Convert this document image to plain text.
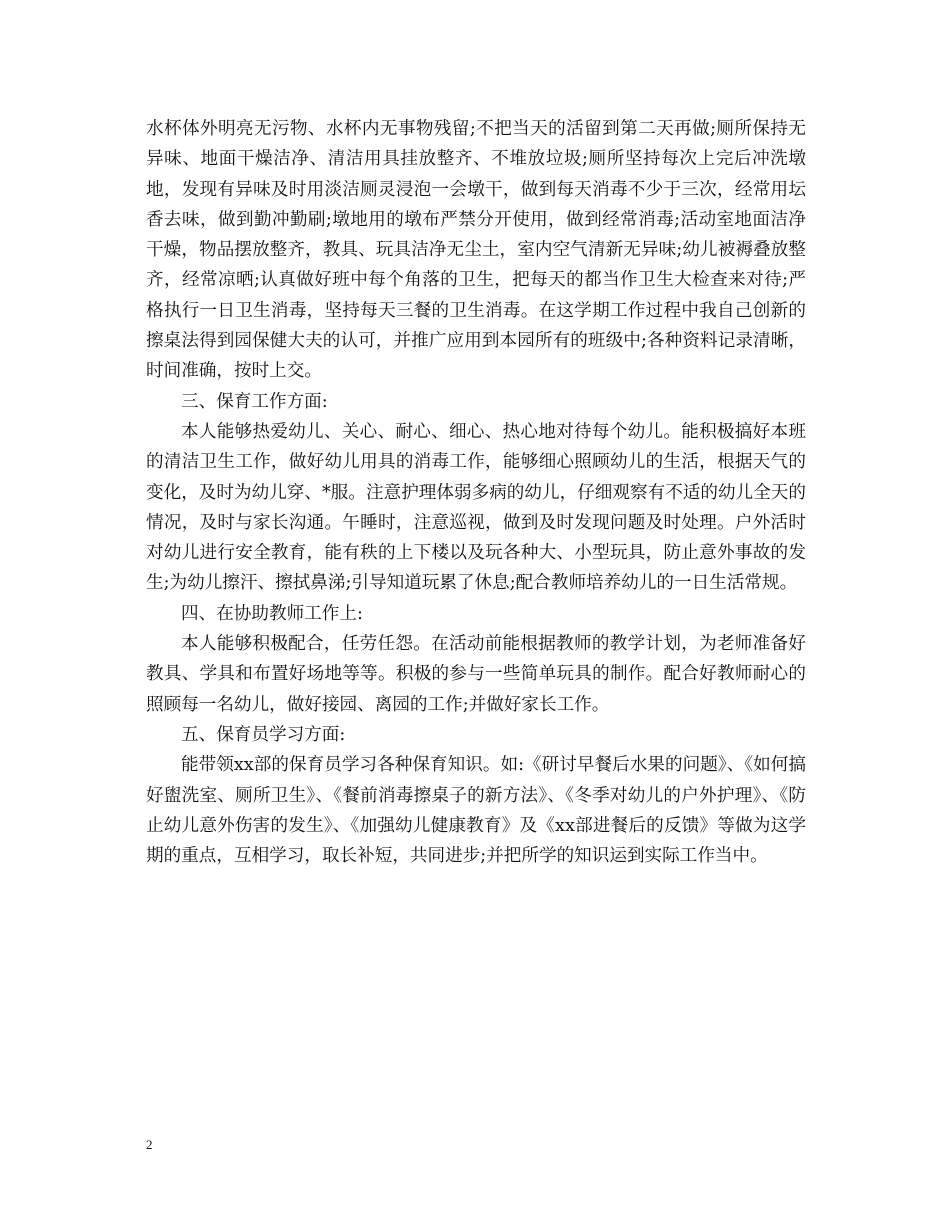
水杯体外明亮无污物、水杯内无事物残留;不把当天的活留到第二天再做;厕所保持无异味、地面干燥洁净、清洁用具挂放整齐、不堆放垃圾;厕所坚持每次上完后冲洗墩地，发现有异味及时用淡洁厕灵浸泡一会墩干，做到每天消毒不少于三次，经常用坛香去味，做到勤冲勤刷;墩地用的墩布严禁分开使用，做到经常消毒;活动室地面洁净干燥，物品摆放整齐，教具、玩具洁净无尘土，室内空气清新无异味;幼儿被褥叠放整齐，经常凉晒;认真做好班中每个角落的卫生，把每天的都当作卫生大检查来对待;严格执行一日卫生消毒，坚持每天三餐的卫生消毒。在这学期工作过程中我自己创新的擦桌法得到园保健大夫的认可，并推广应用到本园所有的班级中;各种资料记录清晰，时间准确，按时上交。

三、保育工作方面:

本人能够热爱幼儿、关心、耐心、细心、热心地对待每个幼儿。能积极搞好本班的清洁卫生工作，做好幼儿用具的消毒工作，能够细心照顾幼儿的生活，根据天气的变化，及时为幼儿穿、*服。注意护理体弱多病的幼儿，仔细观察有不适的幼儿全天的情况，及时与家长沟通。午睡时，注意巡视，做到及时发现问题及时处理。户外活时对幼儿进行安全教育，能有秩的上下楼以及玩各种大、小型玩具，防止意外事故的发生;为幼儿擦汗、擦拭鼻涕;引导知道玩累了休息;配合教师培养幼儿的一日生活常规。

四、在协助教师工作上:

本人能够积极配合，任劳任怨。在活动前能根据教师的教学计划，为老师准备好教具、学具和布置好场地等等。积极的参与一些简单玩具的制作。配合好教师耐心的照顾每一名幼儿，做好接园、离园的工作;并做好家长工作。

五、保育员学习方面:

能带领xx部的保育员学习各种保育知识。如:《研讨早餐后水果的问题》、《如何搞好盥洗室、厕所卫生》、《餐前消毒擦桌子的新方法》、《冬季对幼儿的户外护理》、《防止幼儿意外伤害的发生》、《加强幼儿健康教育》及《xx部进餐后的反馈》等做为这学期的重点，互相学习，取长补短，共同进步;并把所学的知识运到实际工作当中。

2
